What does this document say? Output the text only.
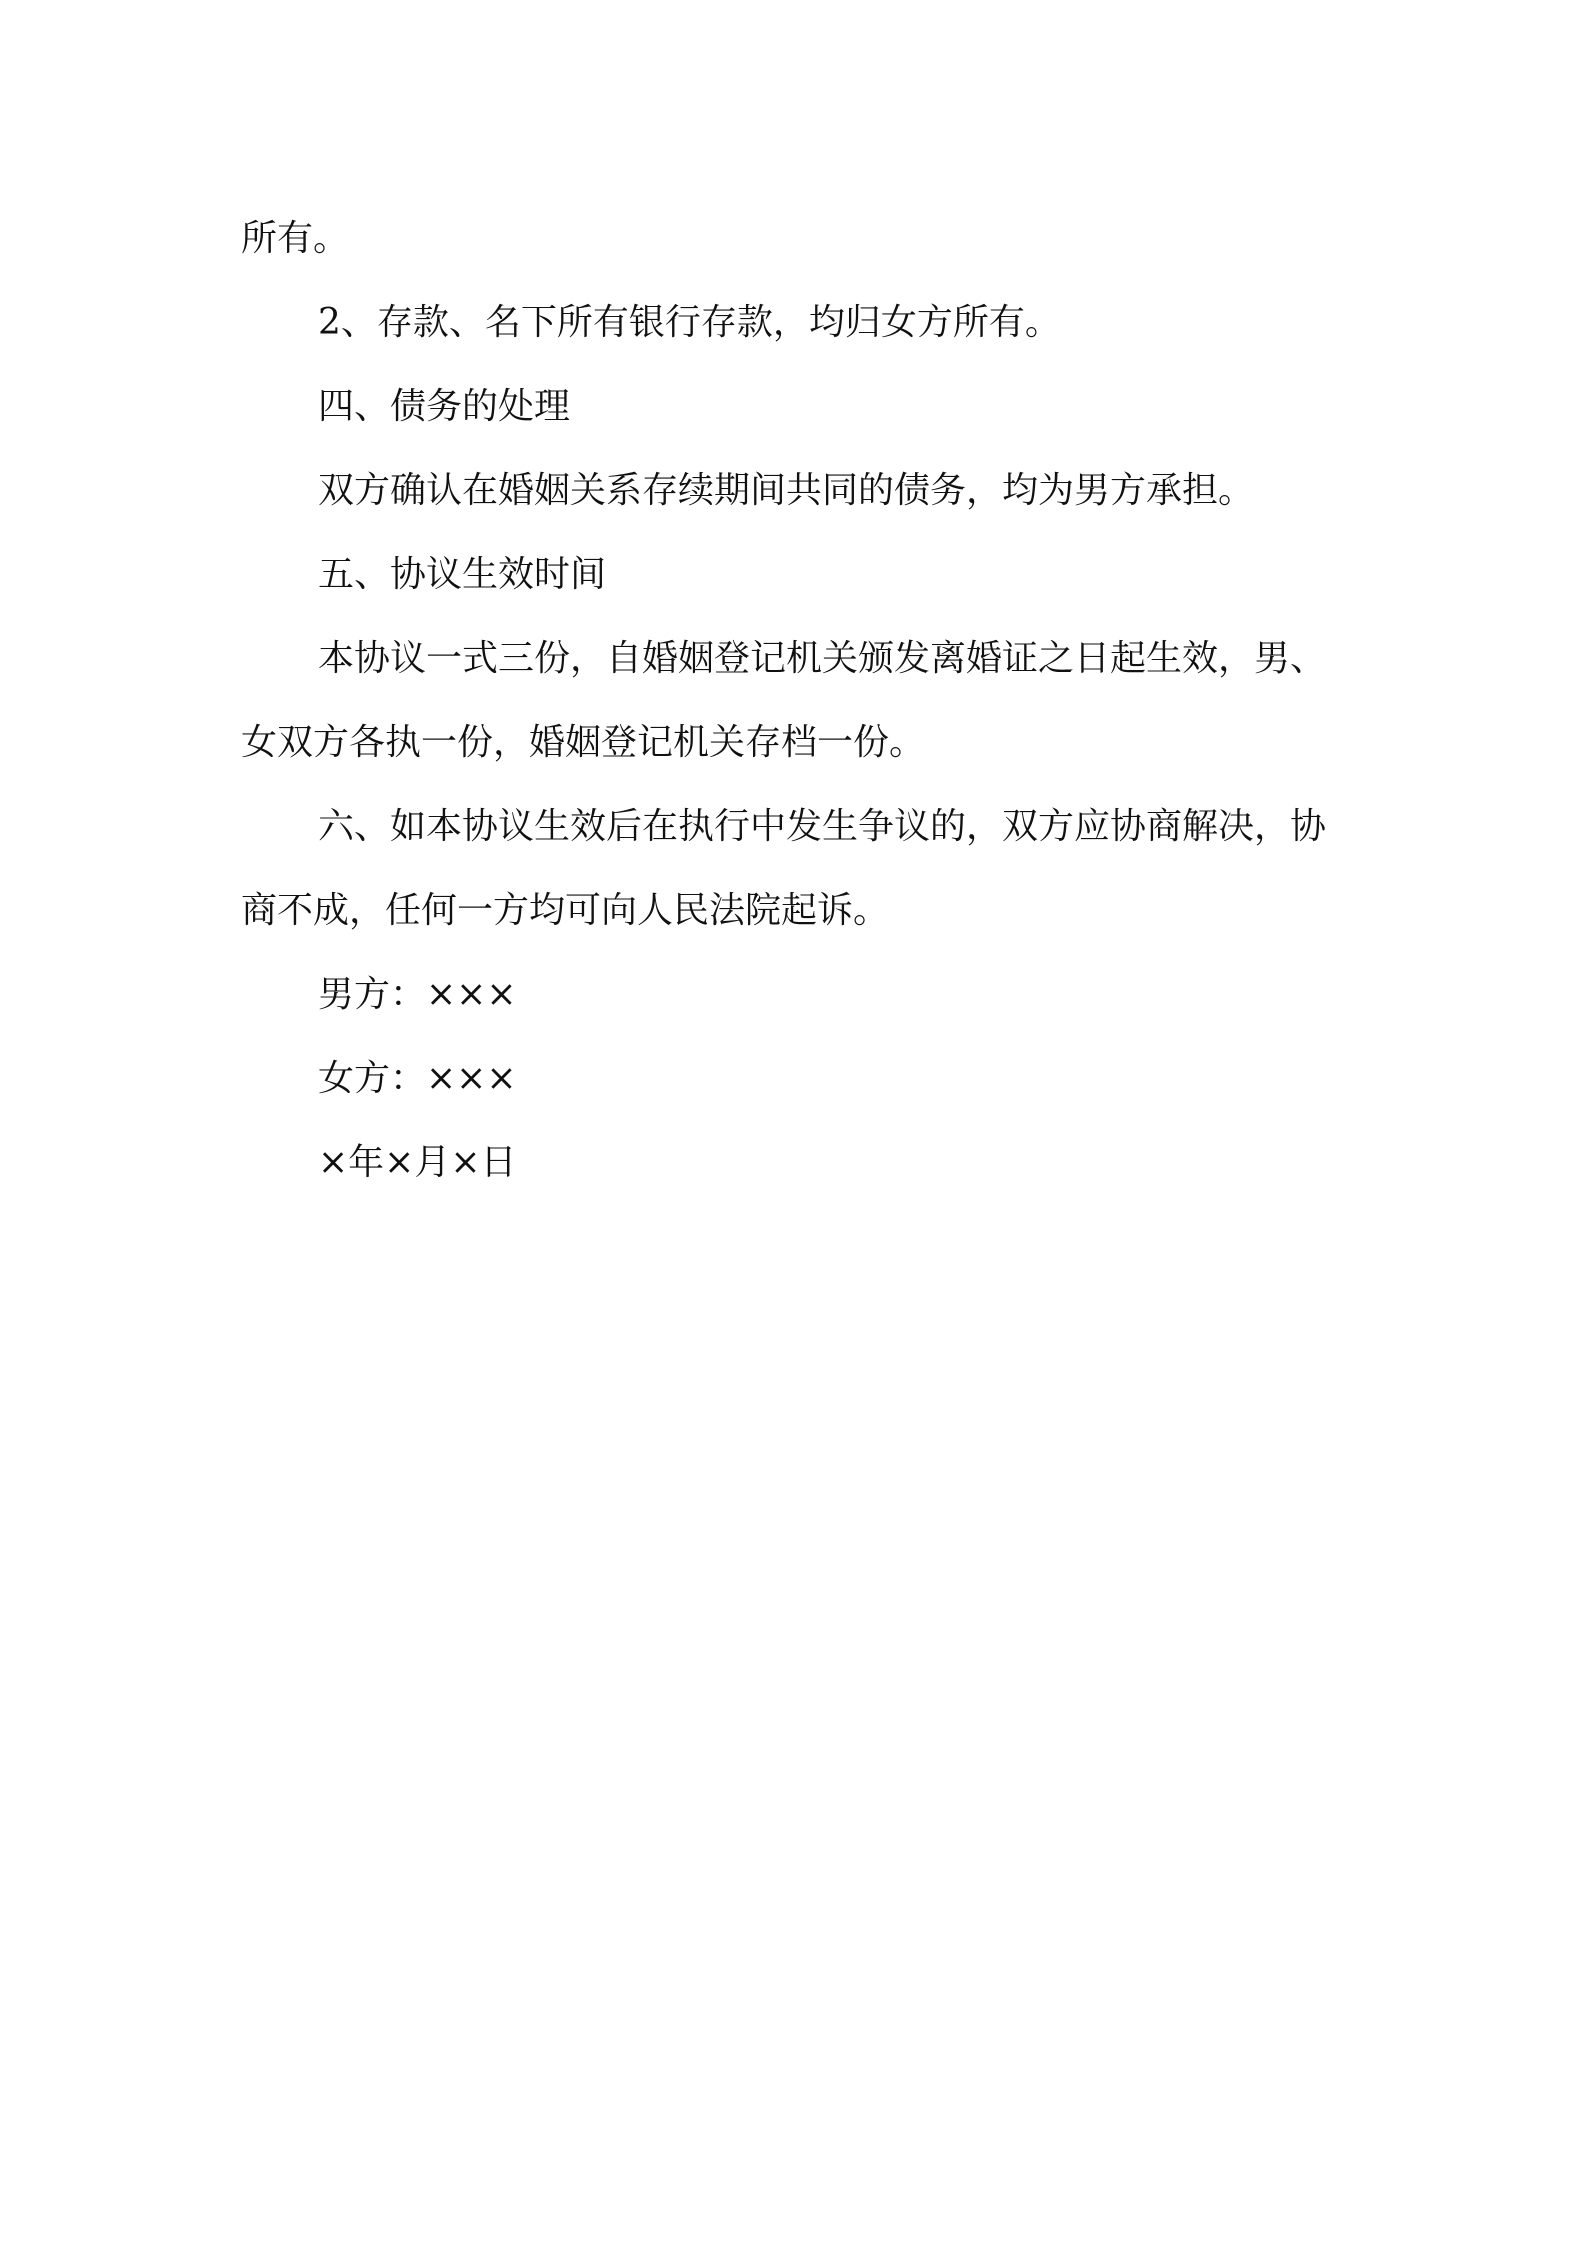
所有。
2、存款、名下所有银行存款，均归女方所有。
四、债务的处理
双方确认在婚姻关系存续期间共同的债务，均为男方承担。
五、协议生效时间
本协议一式三份，自婚姻登记机关颁发离婚证之日起生效，男、
女双方各执一份，婚姻登记机关存档一份。
六、如本协议生效后在执行中发生争议的，双方应协商解决，协
商不成，任何一方均可向人民法院起诉。
男方：×××
女方：×××
×年×月×日
